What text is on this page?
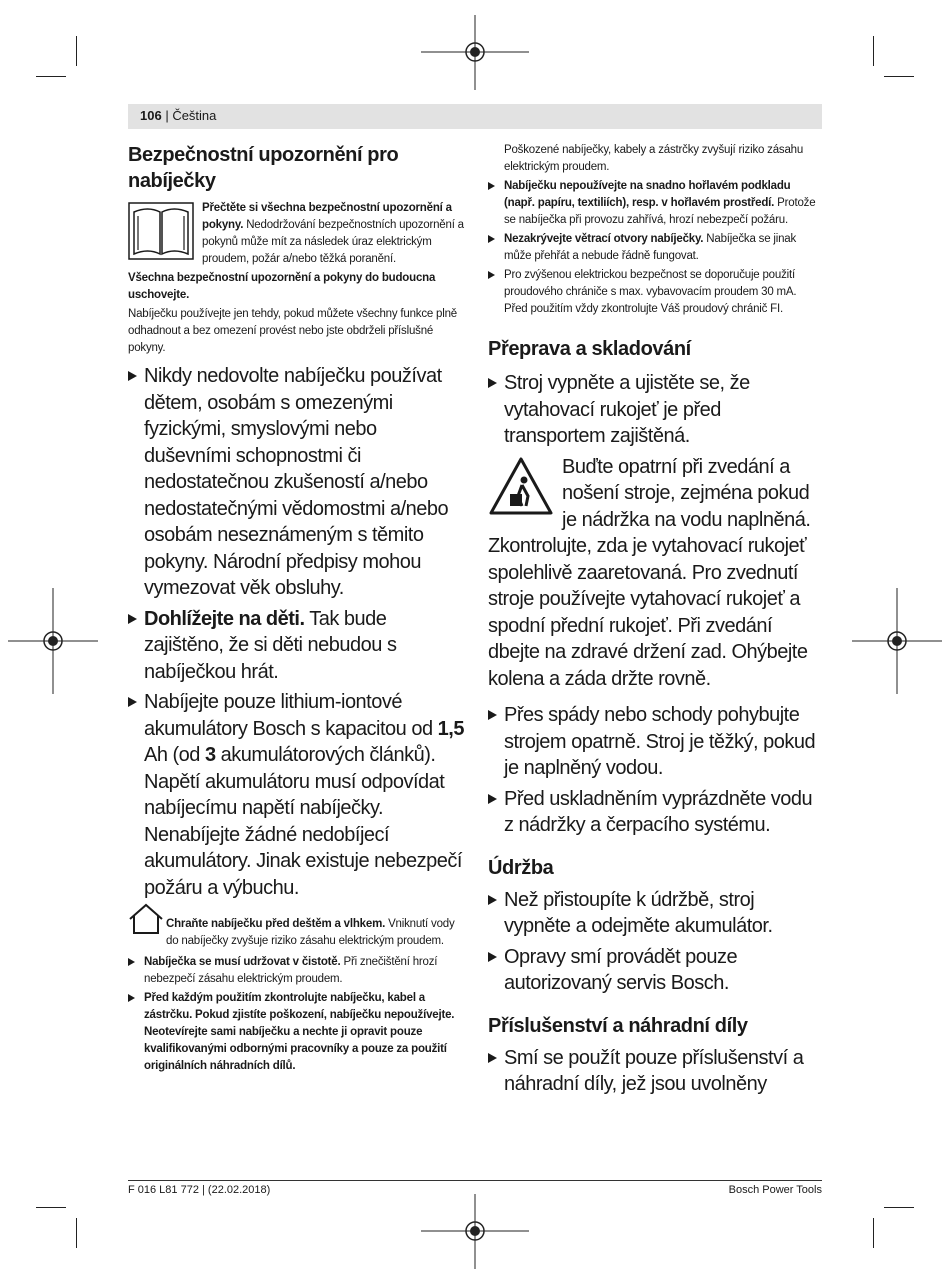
106 | Čeština
Bezpečnostní upozornění pro nabíječky
Přečtěte si všechna bezpečnostní upozornění a pokyny. Nedodržování bezpečnostních upozornění a pokynů může mít za následek úraz elektrickým proudem, požár a/nebo těžká poranění.
Všechna bezpečnostní upozornění a pokyny do budoucna uschovejte.
Nabíječku používejte jen tehdy, pokud můžete všechny funkce plně odhadnout a bez omezení provést nebo jste obdrželi příslušné pokyny.
Nikdy nedovolte nabíječku používat dětem, osobám s omezenými fyzickými, smyslovými nebo duševními schopnostmi či nedostatečnou zkušeností a/nebo nedostatečnými vědomostmi a/nebo osobám neseznámeným s těmito pokyny. Národní předpisy mohou vymezovat věk obsluhy.
Dohlížejte na děti. Tak bude zajištěno, že si děti nebudou s nabíječkou hrát.
Nabíjejte pouze lithium-iontové akumulátory Bosch s kapacitou od 1,5 Ah (od 3 akumulátorových článků). Napětí akumulátoru musí odpovídat nabíjecímu napětí nabíječky. Nenabíjejte žádné nedobíjecí akumulátory. Jinak existuje nebezpečí požáru a výbuchu.
Chraňte nabíječku před deštěm a vlhkem. Vniknutí vody do nabíječky zvyšuje riziko zásahu elektrickým proudem.
Nabíječka se musí udržovat v čistotě. Při znečištění hrozí nebezpečí zásahu elektrickým proudem.
Před každým použitím zkontrolujte nabíječku, kabel a zástrčku. Pokud zjistíte poškození, nabíječku nepoužívejte. Neotevírejte sami nabíječku a nechte ji opravit pouze kvalifikovanými odbornými pracovníky a pouze za použití originálních náhradních dílů.
Poškozené nabíječky, kabely a zástrčky zvyšují riziko zásahu elektrickým proudem.
Nabíječku nepoužívejte na snadno hořlavém podkladu (např. papíru, textiliích), resp. v hořlavém prostředí. Protože se nabíječka při provozu zahřívá, hrozí nebezpečí požáru.
Nezakrývejte větrací otvory nabíječky. Nabíječka se jinak může přehřát a nebude řádně fungovat.
Pro zvýšenou elektrickou bezpečnost se doporučuje použití proudového chrániče s max. vybavovacím proudem 30 mA. Před použitím vždy zkontrolujte Váš proudový chránič FI.
Přeprava a skladování
Stroj vypněte a ujistěte se, že vytahovací rukojeť je před transportem zajištěná.
Buďte opatrní při zvedání a nošení stroje, zejména pokud je nádržka na vodu naplněná.
Zkontrolujte, zda je vytahovací rukojeť spolehlivě zaaretovaná. Pro zvednutí stroje používejte vytahovací rukojeť a spodní přední rukojeť. Při zvedání dbejte na zdravé držení zad. Ohýbejte kolena a záda držte rovně.
Přes spády nebo schody pohybujte strojem opatrně. Stroj je těžký, pokud je naplněný vodou.
Před uskladněním vyprázdněte vodu z nádržky a čerpacího systému.
Údržba
Než přistoupíte k údržbě, stroj vypněte a odejměte akumulátor.
Opravy smí provádět pouze autorizovaný servis Bosch.
Příslušenství a náhradní díly
Smí se použít pouze příslušenství a náhradní díly, jež jsou uvolněny
F 016 L81 772 | (22.02.2018)	Bosch Power Tools
